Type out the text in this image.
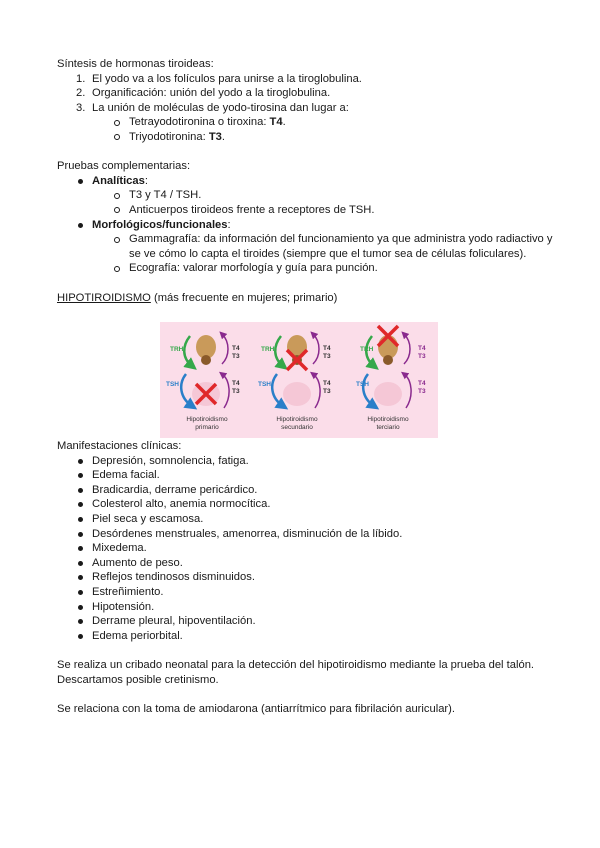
Síntesis de hormonas tiroideas:

1. El yodo va a los folículos para unirse a la tiroglobulina.
2. Organificación: unión del yodo a la tiroglobulina.
3. La unión de moléculas de yodo-tirosina dan lugar a:
Tetrayodotironina o tiroxina: T4.
Triyodotironina: T3.

Pruebas complementarias:

Analíticas:
T3 y T4 / TSH.
Anticuerpos tiroideos frente a receptores de TSH.
Morfológicos/funcionales:
Gammagrafía: da información del funcionamiento ya que administra yodo radiactivo y se ve cómo lo capta el tiroides (siempre que el tumor sea de células foliculares).
Ecografía: valorar morfología y guía para punción.

HIPOTIROIDISMO (más frecuente en mujeres; primario)

Manifestaciones clínicas:

Depresión, somnolencia, fatiga.
Edema facial.
Bradicardia, derrame pericárdico.
Colesterol alto, anemia normocítica.
Piel seca y escamosa.
Desórdenes menstruales, amenorrea, disminución de la líbido.
Mixedema.
Aumento de peso.
Reflejos tendinosos disminuidos.
Estreñimiento.
Hipotensión.
Derrame pleural, hipoventilación.
Edema periorbital.

Se realiza un cribado neonatal para la detección del hipotiroidismo mediante la prueba del talón. Descartamos posible cretinismo.

Se relaciona con la toma de amiodarona (antiarrítmico para fibrilación auricular).

TRH	T4
T3
TSH	T4
T3
Hipotiroidismo
primario
TRH	T4
T3
TSH	T4
T3
Hipotiroidismo
secundario
TRH	T4
T3
TSH	T4
T3
Hipotiroidismo
terciario
